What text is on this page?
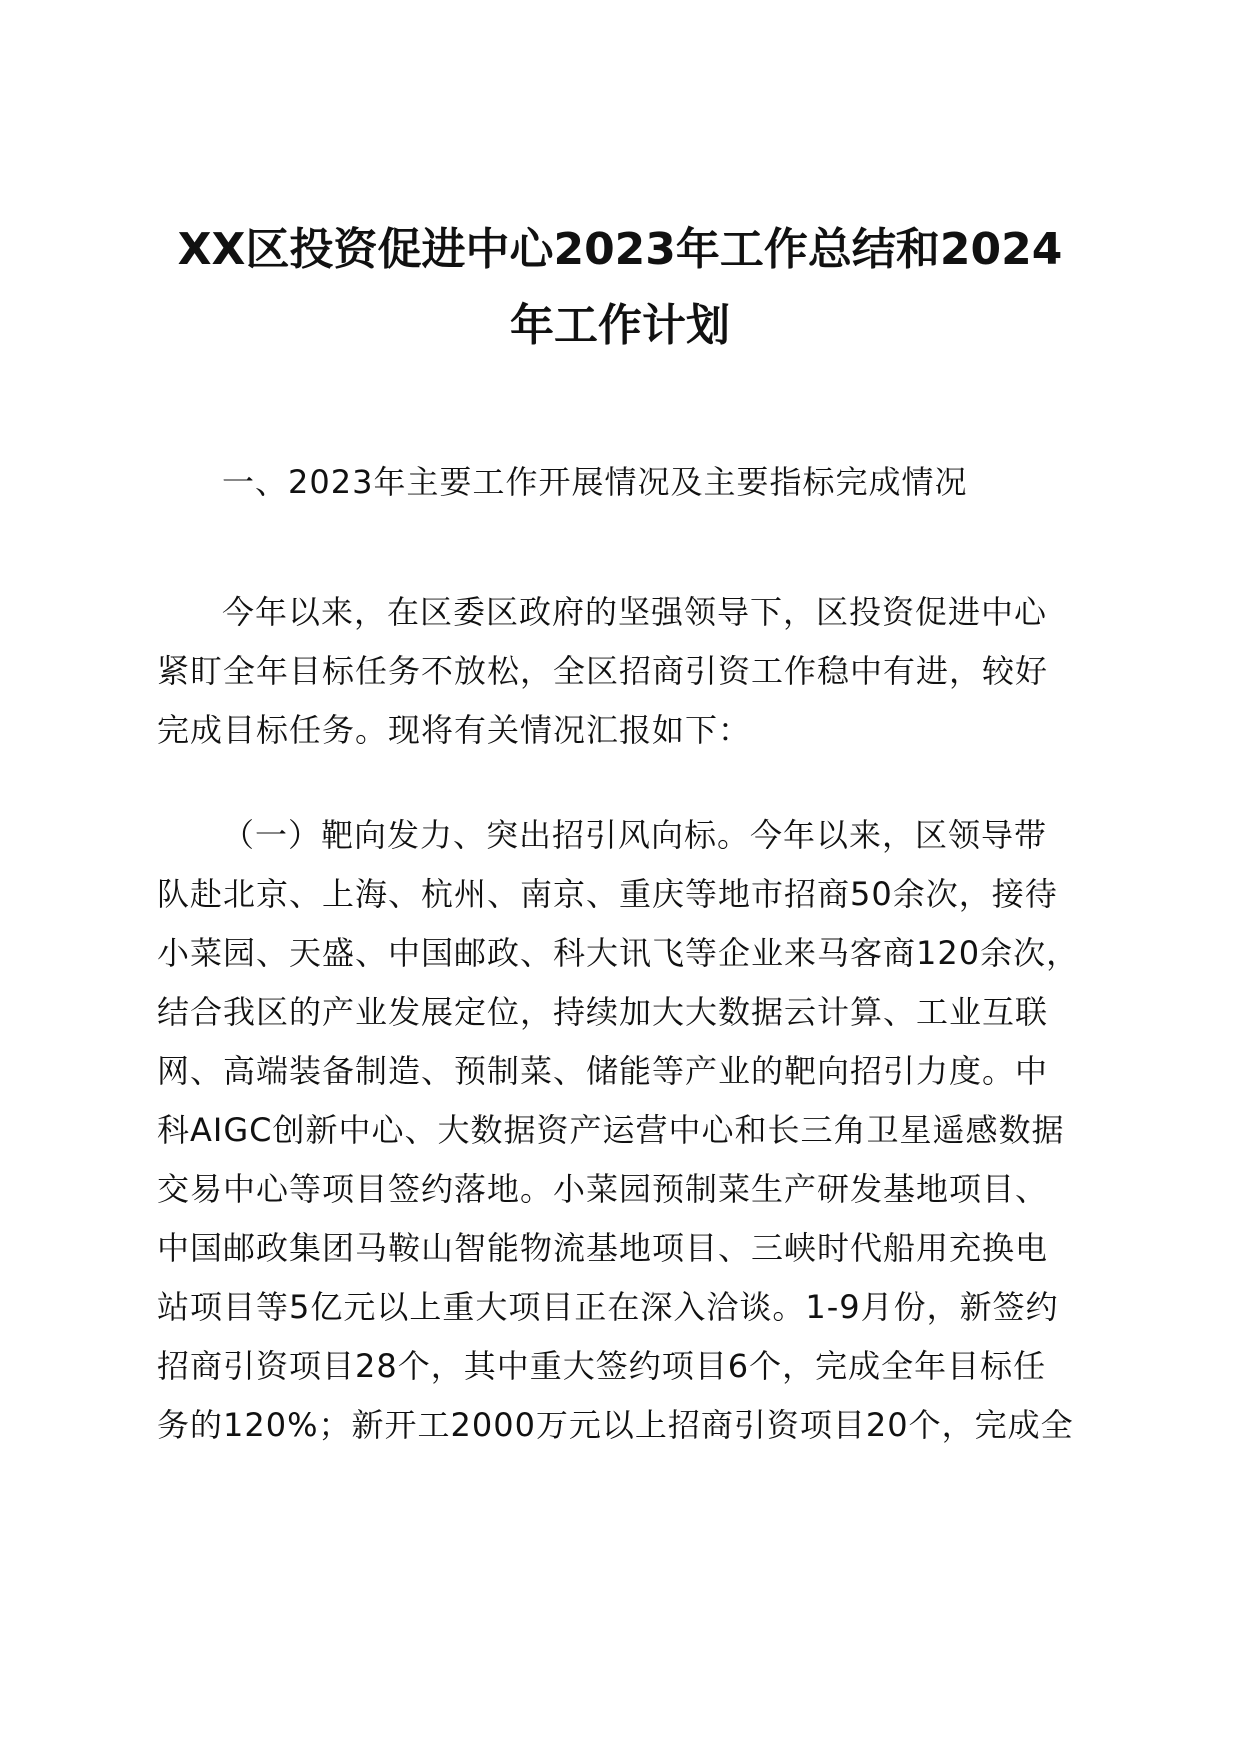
XX区投资促进中心2023年工作总结和2024
年工作计划

一、2023年主要工作开展情况及主要指标完成情况

今年以来，在区委区政府的坚强领导下，区投资促进中心
紧盯全年目标任务不放松，全区招商引资工作稳中有进，较好
完成目标任务。现将有关情况汇报如下：

（一）靶向发力、突出招引风向标。今年以来，区领导带
队赴北京、上海、杭州、南京、重庆等地市招商50余次，接待
小菜园、天盛、中国邮政、科大讯飞等企业来马客商120余次，
结合我区的产业发展定位，持续加大大数据云计算、工业互联
网、高端装备制造、预制菜、储能等产业的靶向招引力度。中
科AIGC创新中心、大数据资产运营中心和长三角卫星遥感数据
交易中心等项目签约落地。小菜园预制菜生产研发基地项目、
中国邮政集团马鞍山智能物流基地项目、三峡时代船用充换电
站项目等5亿元以上重大项目正在深入洽谈。1-9月份，新签约
招商引资项目28个，其中重大签约项目6个，完成全年目标任
务的120%；新开工2000万元以上招商引资项目20个，完成全
